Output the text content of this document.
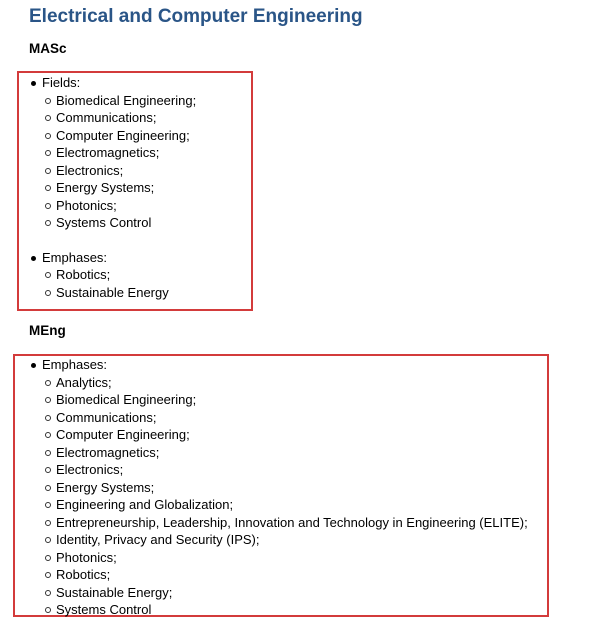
Electrical and Computer Engineering
MASc
Fields:
Biomedical Engineering;
Communications;
Computer Engineering;
Electromagnetics;
Electronics;
Energy Systems;
Photonics;
Systems Control
Emphases:
Robotics;
Sustainable Energy
MEng
Emphases:
Analytics;
Biomedical Engineering;
Communications;
Computer Engineering;
Electromagnetics;
Electronics;
Energy Systems;
Engineering and Globalization;
Entrepreneurship, Leadership, Innovation and Technology in Engineering (ELITE);
Identity, Privacy and Security (IPS);
Photonics;
Robotics;
Sustainable Energy;
Systems Control
